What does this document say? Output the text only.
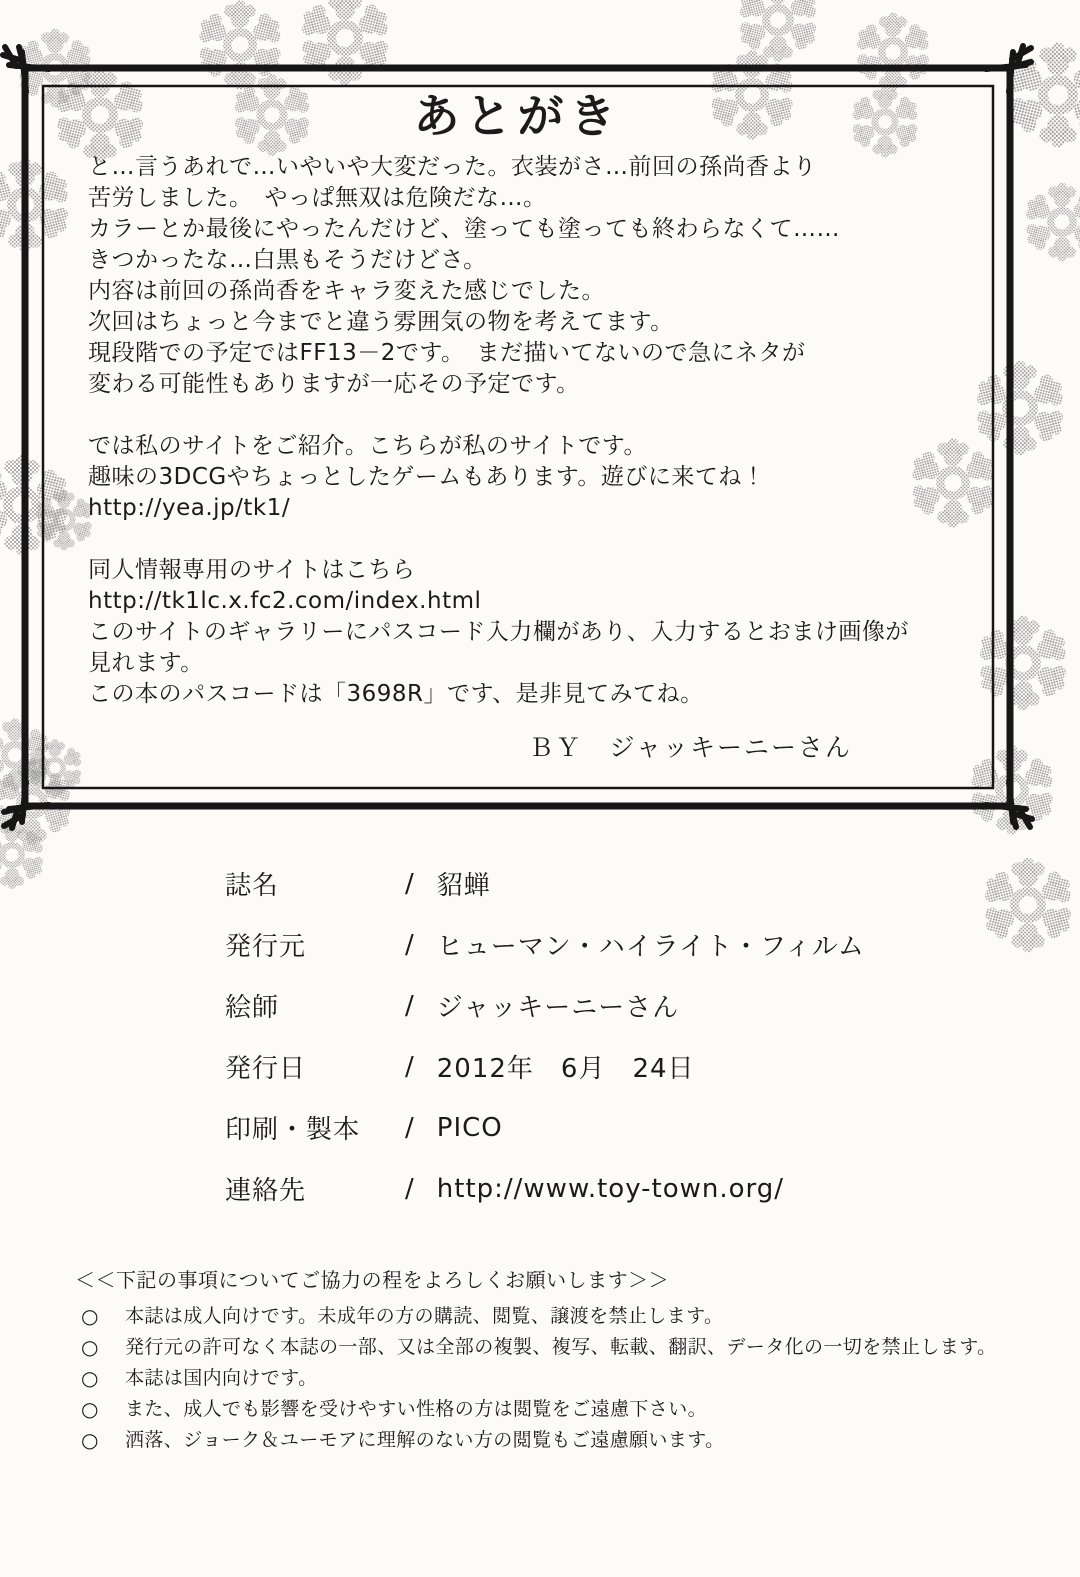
あとがき
と…言うあれで…いやいや大変だった。衣装がさ…前回の孫尚香より
苦労しました。　やっぱ無双は危険だな…。
カラーとか最後にやったんだけど、塗っても塗っても終わらなくて……
きつかったな…白黒もそうだけどさ。
内容は前回の孫尚香をキャラ変えた感じでした。
次回はちょっと今までと違う雰囲気の物を考えてます。
現段階での予定ではFF13－2です。　まだ描いてないので急にネタが
変わる可能性もありますが一応その予定です。
では私のサイトをご紹介。こちらが私のサイトです。
趣味の3DCGやちょっとしたゲームもあります。遊びに来てね！
http://yea.jp/tk1/
同人情報専用のサイトはこちら
http://tk1lc.x.fc2.com/index.html
このサイトのギャラリーにパスコード入力欄があり、入力するとおまけ画像が
見れます。
この本のパスコードは「3698R」です、是非見てみてね。
ＢＹ　ジャッキーニーさん
誌名	/ 貂蝉
発行元	/ ヒューマン・ハイライト・フィルム
絵師	/ ジャッキーニーさん
発行日	/ 2012年　6月　24日
印刷・製本	/ PICO
連絡先	/ http://www.toy-town.org/

＜＜下記の事項についてご協力の程をよろしくお願いします＞＞

○ 本誌は成人向けです。未成年の方の購読、閲覧、譲渡を禁止します。
○ 発行元の許可なく本誌の一部、又は全部の複製、複写、転載、翻訳、データ化の一切を禁止します。
○ 本誌は国内向けです。
○ また、成人でも影響を受けやすい性格の方は閲覧をご遠慮下さい。
○ 洒落、ジョーク＆ユーモアに理解のない方の閲覧もご遠慮願います。
